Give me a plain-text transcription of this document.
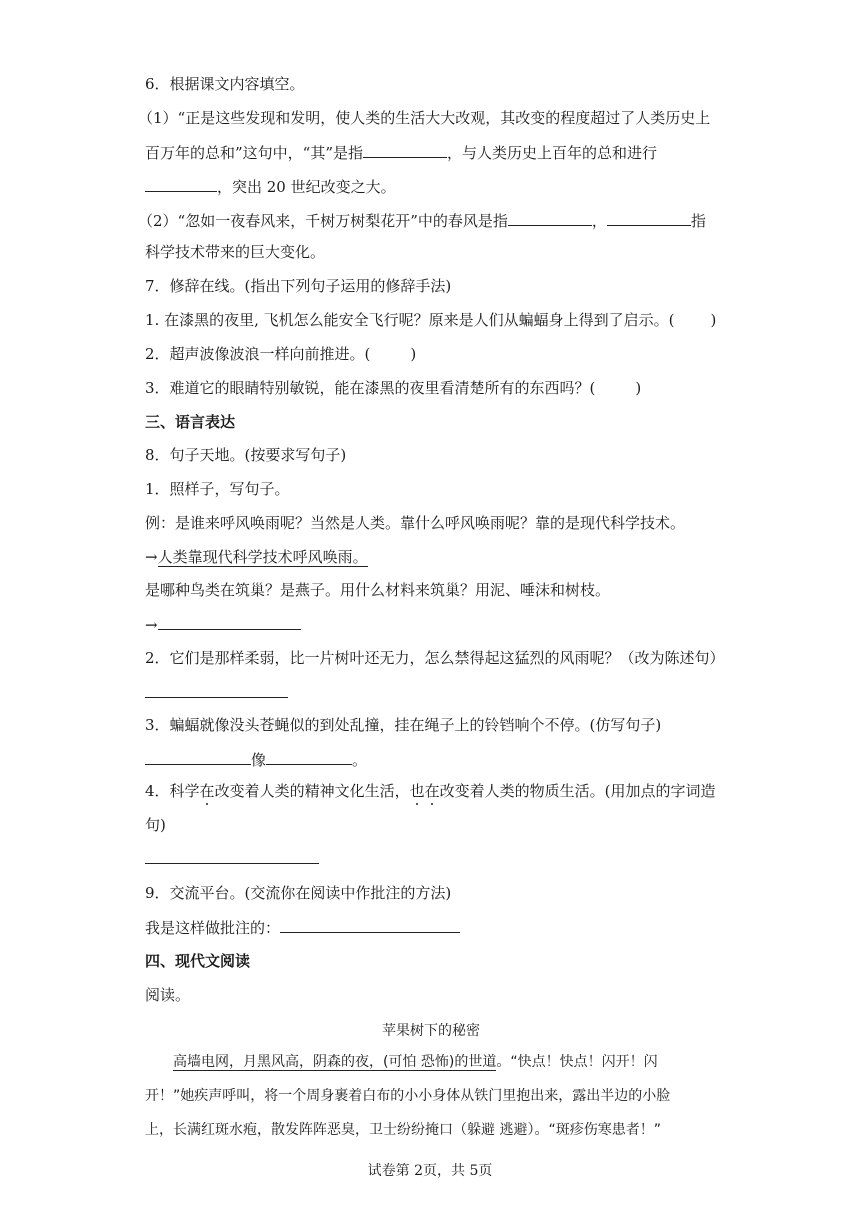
6．根据课文内容填空。
（1）“正是这些发现和发明，使人类的生活大大改观，其改变的程度超过了人类历史上
百万年的总和”这句中，“其”是指	，与人类历史上百年的总和进行
，突出 20 世纪改变之大。
（2）“忽如一夜春风来，千树万树梨花开”中的春风是指	，	指
科学技术带来的巨大变化。
7．修辞在线。(指出下列句子运用的修辞手法)
1. 在漆黑的夜里, 飞机怎么能安全飞行呢？原来是人们从蝙蝠身上得到了启示。( )
2．超声波像波浪一样向前推进。(	)
3．难道它的眼睛特别敏锐，能在漆黑的夜里看清楚所有的东西吗？(	)
三、语言表达
8．句子天地。(按要求写句子)
1．照样子，写句子。
例：是谁来呼风唤雨呢？当然是人类。靠什么呼风唤雨呢？靠的是现代科学技术。
→人类靠现代科学技术呼风唤雨。
是哪种鸟类在筑巢？是燕子。用什么材料来筑巢？用泥、唾沫和树枝。
→
2．它们是那样柔弱，比一片树叶还无力，怎么禁得起这猛烈的风雨呢？（改为陈述句）
3．蝙蝠就像没头苍蝇似的到处乱撞，挂在绳子上的铃铛响个不停。(仿写句子)
像	。
4．科学在改变着人类的精神文化生活，也在改变着人类的物质生活。(用加点的字词造
句)
9．交流平台。(交流你在阅读中作批注的方法)
我是这样做批注的：
四、现代文阅读
阅读。
苹果树下的秘密
高墙电网，月黑风高，阴森的夜，(可怕 恐怖)的世道。“快点！快点！闪开！闪
开！”她疾声呼叫，将一个周身裹着白布的小小身体从铁门里抱出来，露出半边的小脸
上，长满红斑水疱，散发阵阵恶臭，卫士纷纷掩口（躲避 逃避）。“斑疹伤寒患者！”
试卷第 2页，共 5页
